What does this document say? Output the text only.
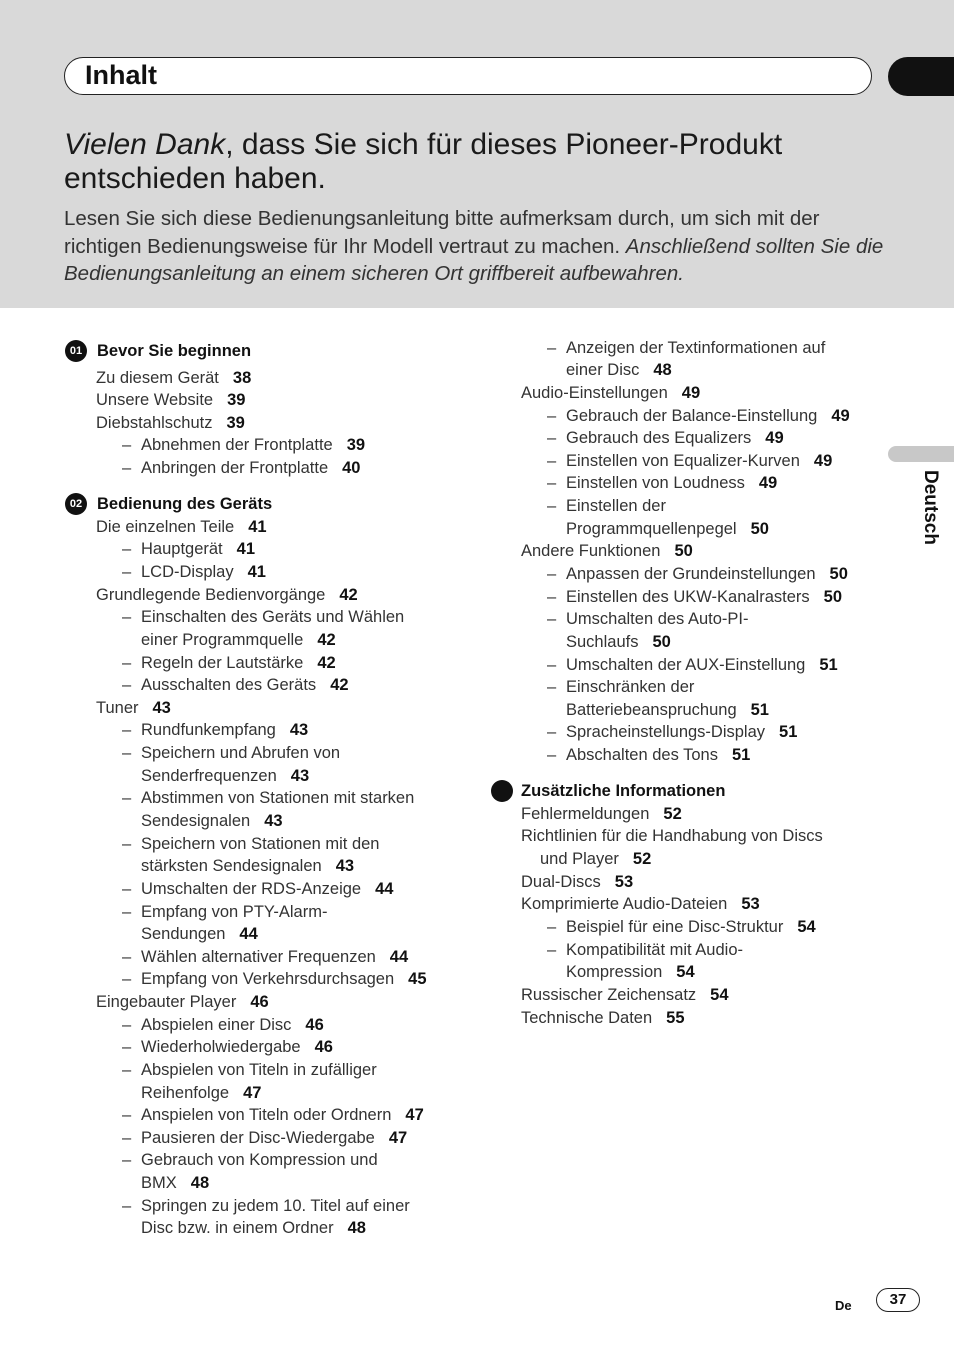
Inhalt
Vielen Dank, dass Sie sich für dieses Pioneer-Produkt entschieden haben.
Lesen Sie sich diese Bedienungsanleitung bitte aufmerksam durch, um sich mit der richtigen Bedienungsweise für Ihr Modell vertraut zu machen. Anschließend sollten Sie die Bedienungsanleitung an einem sicheren Ort griffbereit aufbewahren.
01 Bevor Sie beginnen
Zu diesem Gerät 38
Unsere Website 39
Diebstahlschutz 39
– Abnehmen der Frontplatte 39
– Anbringen der Frontplatte 40
02 Bedienung des Geräts
Die einzelnen Teile 41
– Hauptgerät 41
– LCD-Display 41
Grundlegende Bedienvorgänge 42
– Einschalten des Geräts und Wählen
einer Programmquelle 42
– Regeln der Lautstärke 42
– Ausschalten des Geräts 42
Tuner 43
– Rundfunkempfang 43
– Speichern und Abrufen von
Senderfrequenzen 43
– Abstimmen von Stationen mit starken
Sendesignalen 43
– Speichern von Stationen mit den
stärksten Sendesignalen 43
– Umschalten der RDS-Anzeige 44
– Empfang von PTY-Alarm-
Sendungen 44
– Wählen alternativer Frequenzen 44
– Empfang von Verkehrsdurchsagen 45
Eingebauter Player 46
– Abspielen einer Disc 46
– Wiederholwiedergabe 46
– Abspielen von Titeln in zufälliger
Reihenfolge 47
– Anspielen von Titeln oder Ordnern 47
– Pausieren der Disc-Wiedergabe 47
– Gebrauch von Kompression und
BMX 48
– Springen zu jedem 10. Titel auf einer
Disc bzw. in einem Ordner 48
– Anzeigen der Textinformationen auf
einer Disc 48
Audio-Einstellungen 49
– Gebrauch der Balance-Einstellung 49
– Gebrauch des Equalizers 49
– Einstellen von Equalizer-Kurven 49
– Einstellen von Loudness 49
– Einstellen der
Programmquellenpegel 50
Andere Funktionen 50
– Anpassen der Grundeinstellungen 50
– Einstellen des UKW-Kanalrasters 50
– Umschalten des Auto-PI-
Suchlaufs 50
– Umschalten der AUX-Einstellung 51
– Einschränken der
Batteriebeanspruchung 51
– Spracheinstellungs-Display 51
– Abschalten des Tons 51
Zusätzliche Informationen
Fehlermeldungen 52
Richtlinien für die Handhabung von Discs
und Player 52
Dual-Discs 53
Komprimierte Audio-Dateien 53
– Beispiel für eine Disc-Struktur 54
– Kompatibilität mit Audio-
Kompression 54
Russischer Zeichensatz 54
Technische Daten 55
Deutsch
De	37
